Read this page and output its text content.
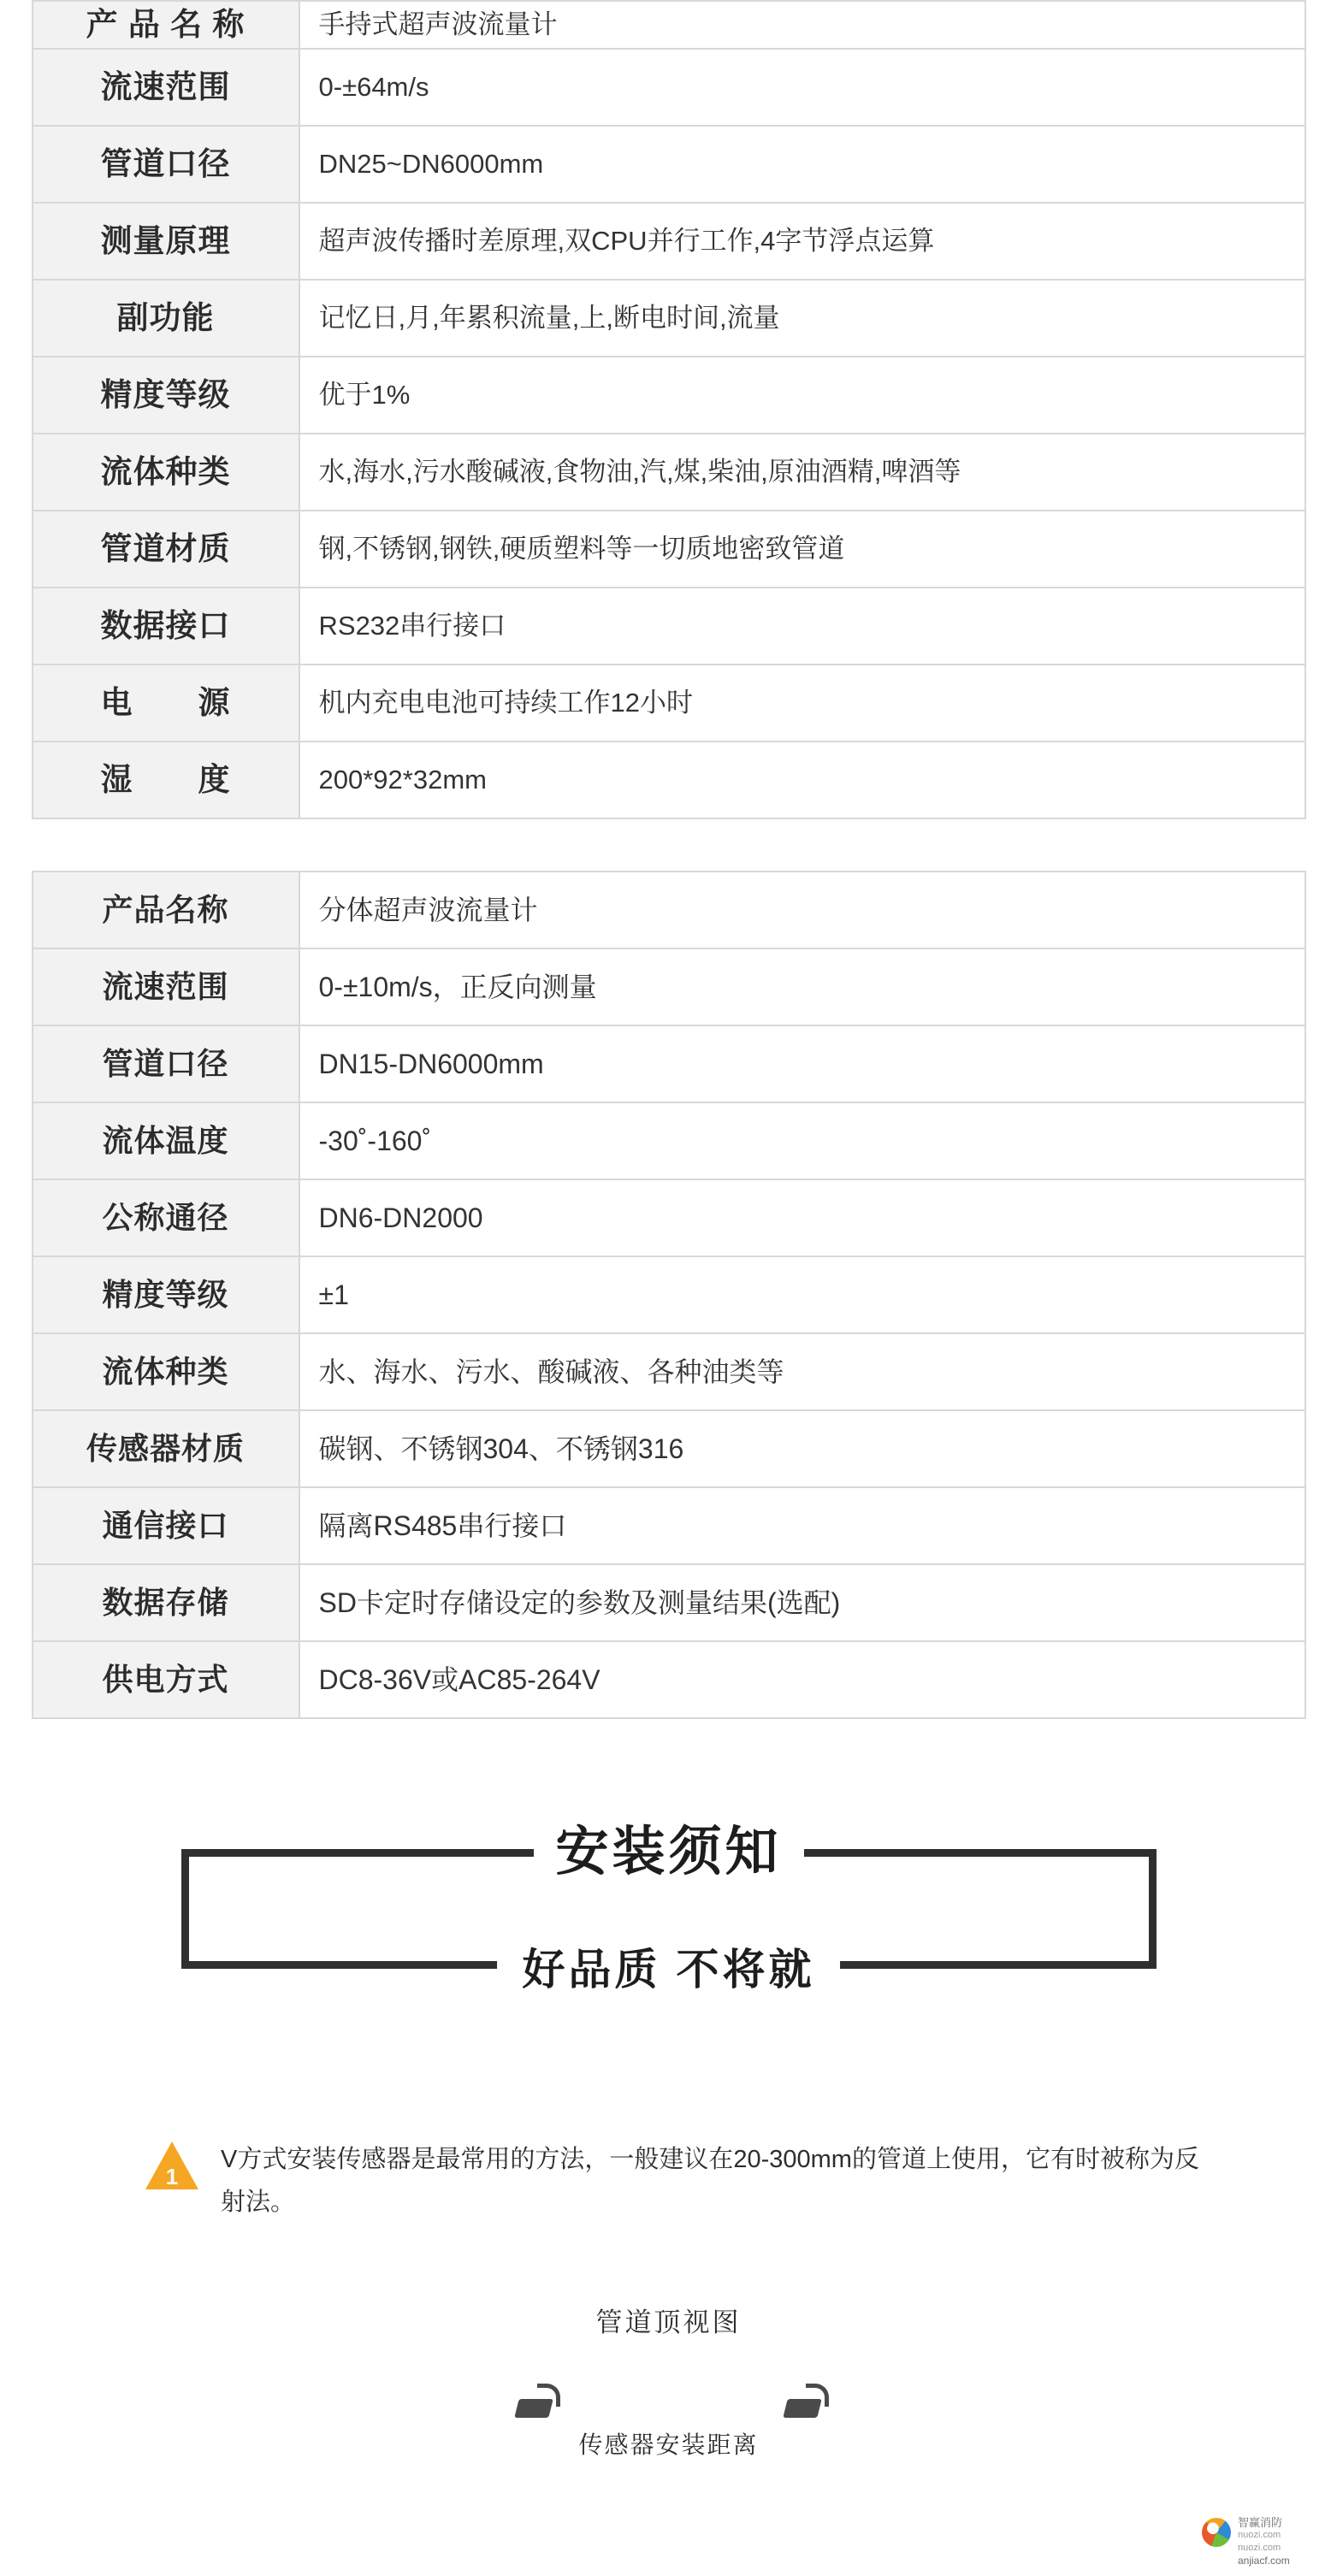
产 品 名 称	手持式超声波流量计
流速范围	0-±64m/s
管道口径	DN25~DN6000mm
测量原理	超声波传播时差原理,双CPU并行工作,4字节浮点运算
副功能	记忆日,月,年累积流量,上,断电时间,流量
精度等级	优于1%
流体种类	水,海水,污水酸碱液,食物油,汽,煤,柴油,原油酒精,啤酒等
管道材质	钢,不锈钢,钢铁,硬质塑料等一切质地密致管道
数据接口	RS232串行接口
电　　源	机内充电电池可持续工作12小时
湿　　度	200*92*32mm
产品名称	分体超声波流量计
流速范围	0-±10m/s，正反向测量
管道口径	DN15-DN6000mm
流体温度	-30˚-160˚
公称通径	DN6-DN2000
精度等级	±1
流体种类	水、海水、污水、酸碱液、各种油类等
传感器材质	碳钢、不锈钢304、不锈钢316
通信接口	隔离RS485串行接口
数据存储	SD卡定时存储设定的参数及测量结果(选配)
供电方式	DC8-36V或AC85-264V
安装须知
好品质 不将就
1
V方式安装传感器是最常用的方法，一般建议在20-300mm的管道上使用，它有时被称为反射法。
管道顶视图
传感器安装距离
智赢消防
nuozi.com
nuozi.com
anjiacf.com
